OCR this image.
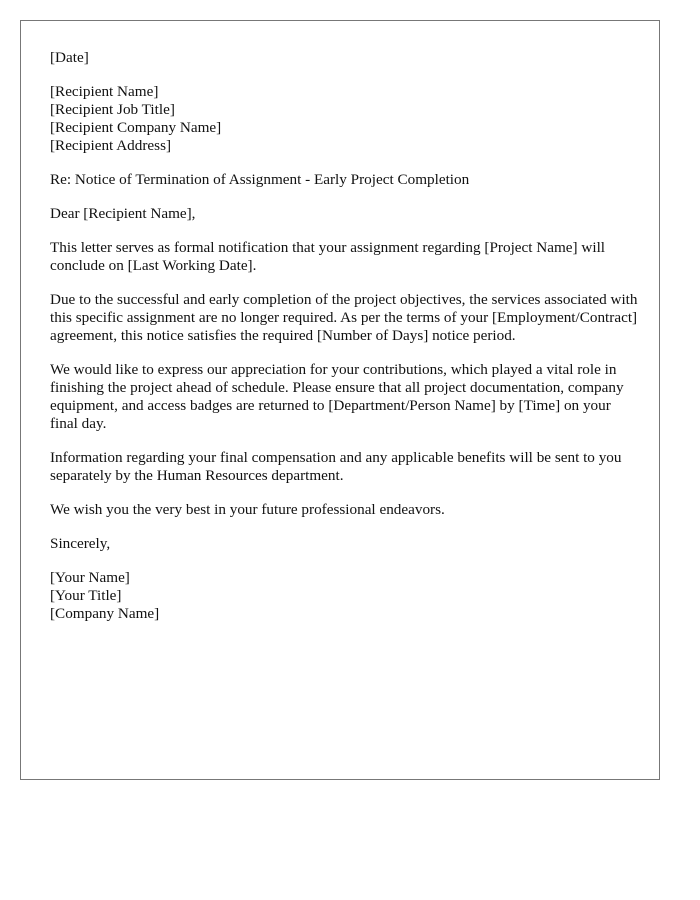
[Date]
[Recipient Name]
[Recipient Job Title]
[Recipient Company Name]
[Recipient Address]
Re: Notice of Termination of Assignment - Early Project Completion
Dear [Recipient Name],

This letter serves as formal notification that your assignment regarding [Project Name] will conclude on [Last Working Date].

Due to the successful and early completion of the project objectives, the services associated with this specific assignment are no longer required. As per the terms of your [Employment/Contract] agreement, this notice satisfies the required [Number of Days] notice period.

We would like to express our appreciation for your contributions, which played a vital role in finishing the project ahead of schedule. Please ensure that all project documentation, company equipment, and access badges are returned to [Department/Person Name] by [Time] on your final day.

Information regarding your final compensation and any applicable benefits will be sent to you separately by the Human Resources department.

We wish you the very best in your future professional endeavors.

Sincerely,
[Your Name]
[Your Title]
[Company Name]
